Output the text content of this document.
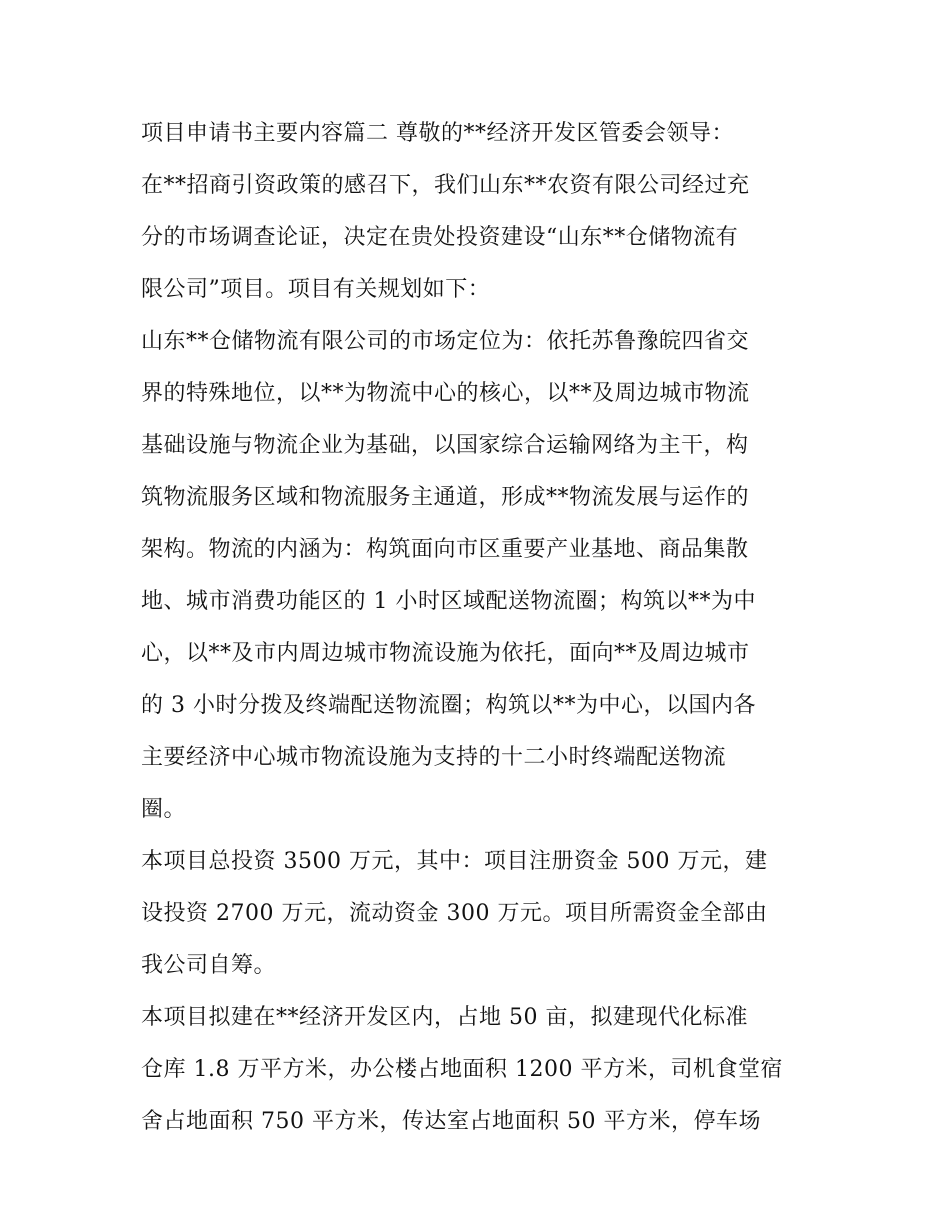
项目申请书主要内容篇二 尊敬的**经济开发区管委会领导：
在**招商引资政策的感召下，我们山东**农资有限公司经过充
分的市场调查论证，决定在贵处投资建设“山东**仓储物流有
限公司”项目。项目有关规划如下：
山东**仓储物流有限公司的市场定位为：依托苏鲁豫皖四省交
界的特殊地位，以**为物流中心的核心，以**及周边城市物流
基础设施与物流企业为基础，以国家综合运输网络为主干，构
筑物流服务区域和物流服务主通道，形成**物流发展与运作的
架构。物流的内涵为：构筑面向市区重要产业基地、商品集散
地、城市消费功能区的 1 小时区域配送物流圈；构筑以**为中
心，以**及市内周边城市物流设施为依托，面向**及周边城市
的 3 小时分拨及终端配送物流圈；构筑以**为中心，以国内各
主要经济中心城市物流设施为支持的十二小时终端配送物流
圈。
本项目总投资 3500 万元，其中：项目注册资金 500 万元，建
设投资 2700 万元，流动资金 300 万元。项目所需资金全部由
我公司自筹。
本项目拟建在**经济开发区内，占地 50 亩，拟建现代化标准
仓库 1.8 万平方米，办公楼占地面积 1200 平方米，司机食堂宿
舍占地面积 750 平方米，传达室占地面积 50 平方米，停车场
